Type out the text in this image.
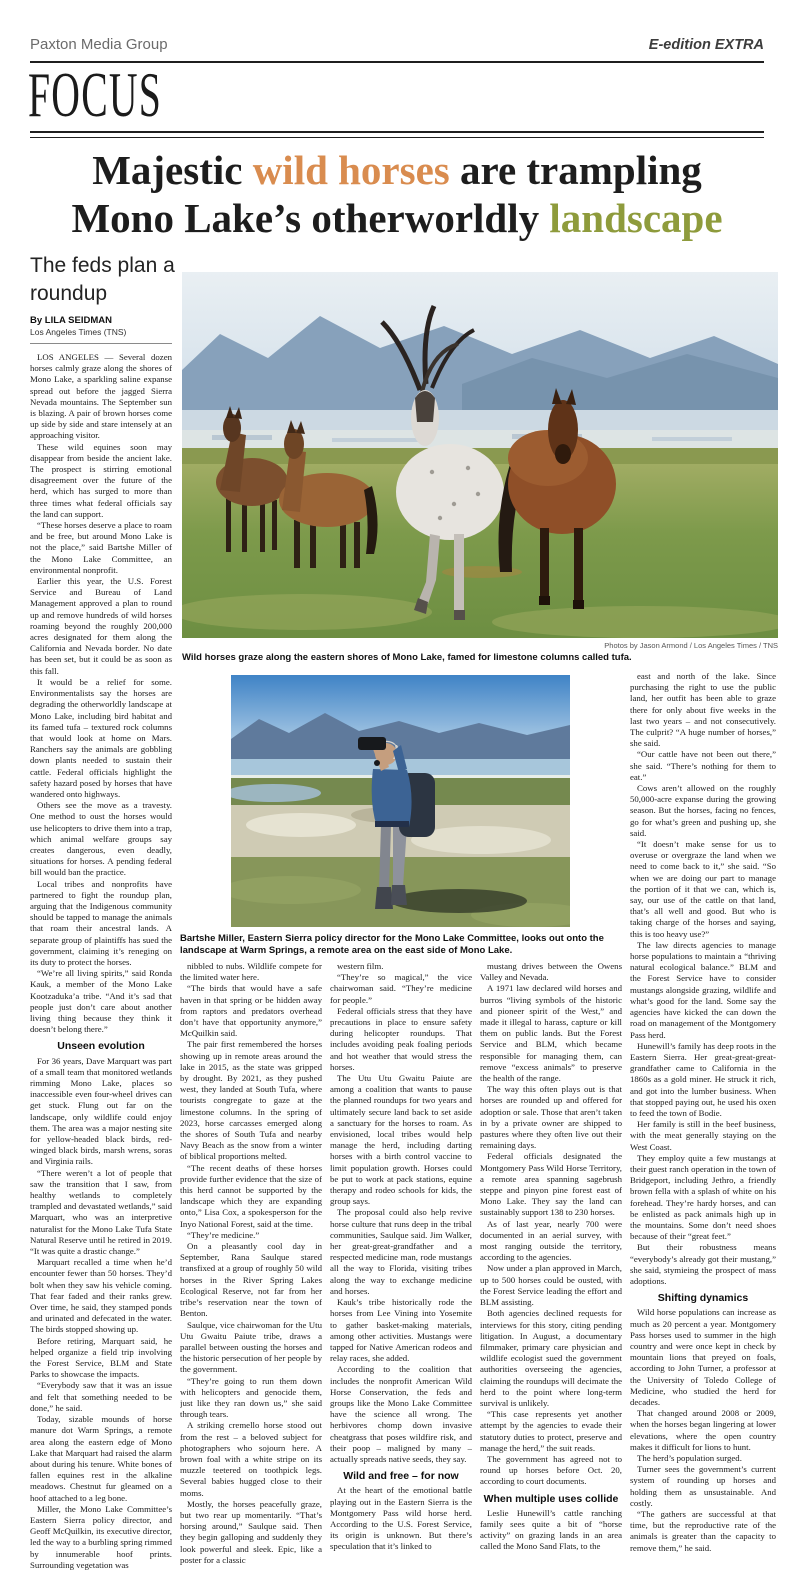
Paxton Media Group	E-edition EXTRA
FOCUS
Majestic wild horses are trampling
Mono Lake’s otherworldly landscape
The feds plan a roundup
By LILA SEIDMAN
Los Angeles Times (TNS)
Photos by Jason Armond / Los Angeles Times / TNS
Wild horses graze along the eastern shores of Mono Lake, famed for limestone columns called tufa.
Bartshe Miller, Eastern Sierra policy director for the Mono Lake Committee, looks out onto the landscape at Warm Springs, a remote area on the east side of Mono Lake.

LOS ANGELES — Several dozen horses calmly graze along the shores of Mono Lake, a sparkling saline expanse spread out before the jagged Sierra Nevada mountains. The September sun is blazing. A pair of brown horses come up side by side and stare intensely at an approaching visitor.

These wild equines soon may disappear from beside the ancient lake. The prospect is stirring emotional disagreement over the future of the herd, which has surged to more than three times what federal officials say the land can support.

“These horses deserve a place to roam and be free, but around Mono Lake is not the place,” said Bartshe Miller of the Mono Lake Committee, an environmental nonprofit.

Earlier this year, the U.S. Forest Service and Bureau of Land Management approved a plan to round up and remove hundreds of wild horses roaming beyond the roughly 200,000 acres designated for them along the California and Nevada border. No date has been set, but it could be as soon as this fall.

It would be a relief for some. Environmentalists say the horses are degrading the otherworldly landscape at Mono Lake, including bird habitat and its famed tufa – textured rock columns that would look at home on Mars. Ranchers say the animals are gobbling down plants needed to sustain their cattle. Federal officials highlight the safety hazard posed by horses that have wandered onto highways.

Others see the move as a travesty. One method to oust the horses would use helicopters to drive them into a trap, which animal welfare groups say creates dangerous, even deadly, situations for horses. A pending federal bill would ban the practice.

Local tribes and nonprofits have partnered to fight the roundup plan, arguing that the Indigenous community should be tapped to manage the animals that roam their ancestral lands. A separate group of plaintiffs has sued the government, claiming it’s reneging on its duty to protect the horses.

“We’re all living spirits,” said Ronda Kauk, a member of the Mono Lake Kootzaduka’a tribe. “And it’s sad that people just don’t care about another living thing because they think it doesn’t belong there.”

Unseen evolution

For 36 years, Dave Marquart was part of a small team that monitored wetlands rimming Mono Lake, places so inaccessible even four-wheel drives can get stuck. Flung out far on the landscape, only wildlife could enjoy them. The area was a major nesting site for yellow-headed black birds, red-winged black birds, marsh wrens, soras and Virginia rails.

“There weren’t a lot of people that saw the transition that I saw, from healthy wetlands to completely trampled and devastated wetlands,” said Marquart, who was an interpretive naturalist for the Mono Lake Tufa State Natural Reserve until he retired in 2019. “It was quite a drastic change.”

Marquart recalled a time when he’d encounter fewer than 50 horses. They’d bolt when they saw his vehicle coming. That fear faded and their ranks grew. Over time, he said, they stamped ponds and urinated and defecated in the water. The birds stopped showing up.

Before retiring, Marquart said, he helped organize a field trip involving the Forest Service, BLM and State Parks to showcase the impacts.

“Everybody saw that it was an issue and felt that something needed to be done,” he said.

Today, sizable mounds of horse manure dot Warm Springs, a remote area along the eastern edge of Mono Lake that Marquart had raised the alarm about during his tenure. White bones of fallen equines rest in the alkaline meadows. Chestnut fur gleamed on a hoof attached to a leg bone.

Miller, the Mono Lake Committee’s Eastern Sierra policy director, and Geoff McQuilkin, its executive director, led the way to a burbling spring rimmed by innumerable hoof prints. Surrounding vegetation was

nibbled to nubs. Wildlife compete for the limited water here.

“The birds that would have a safe haven in that spring or be hidden away from raptors and predators overhead don’t have that opportunity anymore,” McQuilkin said.

The pair first remembered the horses showing up in remote areas around the lake in 2015, as the state was gripped by drought. By 2021, as they pushed west, they landed at South Tufa, where tourists congregate to gaze at the limestone columns. In the spring of 2023, horse carcasses emerged along the shores of South Tufa and nearby Navy Beach as the snow from a winter of biblical proportions melted.

“The recent deaths of these horses provide further evidence that the size of this herd cannot be supported by the landscape which they are expanding onto,” Lisa Cox, a spokesperson for the Inyo National Forest, said at the time.

“They’re medicine.”

On a pleasantly cool day in September, Rana Saulque stared transfixed at a group of roughly 50 wild horses in the River Spring Lakes Ecological Reserve, not far from her tribe’s reservation near the town of Benton.

Saulque, vice chairwoman for the Utu Utu Gwaitu Paiute tribe, draws a parallel between ousting the horses and the historic persecution of her people by the government.

“They’re going to run them down with helicopters and genocide them, just like they ran down us,” she said through tears.

A striking cremello horse stood out from the rest – a beloved subject for photographers who sojourn here. A brown foal with a white stripe on its muzzle teetered on toothpick legs. Several babies hugged close to their moms.

Mostly, the horses peacefully graze, but two rear up momentarily. “That’s horsing around,” Saulque said. Then they begin galloping and suddenly they look powerful and sleek. Epic, like a poster for a classic

western film.

“They’re so magical,” the vice chairwoman said. “They’re medicine for people.”

Federal officials stress that they have precautions in place to ensure safety during helicopter roundups. That includes avoiding peak foaling periods and hot weather that would stress the horses.

The Utu Utu Gwaitu Paiute are among a coalition that wants to pause the planned roundups for two years and ultimately secure land back to set aside a sanctuary for the horses to roam. As envisioned, local tribes would help manage the herd, including darting horses with a birth control vaccine to limit population growth. Horses could be put to work at pack stations, equine therapy and rodeo schools for kids, the group says.

The proposal could also help revive horse culture that runs deep in the tribal communities, Saulque said. Jim Walker, her great-great-grandfather and a respected medicine man, rode mustangs all the way to Florida, visiting tribes along the way to exchange medicine and horses.

Kauk’s tribe historically rode the horses from Lee Vining into Yosemite to gather basket-making materials, among other activities. Mustangs were tapped for Native American rodeos and relay races, she added.

According to the coalition that includes the nonprofit American Wild Horse Conservation, the feds and groups like the Mono Lake Committee have the science all wrong. The herbivores chomp down invasive cheatgrass that poses wildfire risk, and their poop – maligned by many – actually spreads native seeds, they say.

Wild and free – for now

At the heart of the emotional battle playing out in the Eastern Sierra is the Montgomery Pass wild horse herd. According to the U.S. Forest Service, its origin is unknown. But there’s speculation that it’s linked to

mustang drives between the Owens Valley and Nevada.

A 1971 law declared wild horses and burros “living symbols of the historic and pioneer spirit of the West,” and made it illegal to harass, capture or kill them on public lands. But the Forest Service and BLM, which became responsible for managing them, can remove “excess animals” to preserve the health of the range.

The way this often plays out is that horses are rounded up and offered for adoption or sale. Those that aren’t taken in by a private owner are shipped to pastures where they often live out their remaining days.

Federal officials designated the Montgomery Pass Wild Horse Territory, a remote area spanning sagebrush steppe and pinyon pine forest east of Mono Lake. They say the land can sustainably support 138 to 230 horses.

As of last year, nearly 700 were documented in an aerial survey, with most ranging outside the territory, according to the agencies.

Now under a plan approved in March, up to 500 horses could be ousted, with the Forest Service leading the effort and BLM assisting.

Both agencies declined requests for interviews for this story, citing pending litigation. In August, a documentary filmmaker, primary care physician and wildlife ecologist sued the government authorities overseeing the agencies, claiming the roundups will decimate the herd to the point where long-term survival is unlikely.

“This case represents yet another attempt by the agencies to evade their statutory duties to protect, preserve and manage the herd,” the suit reads.

The government has agreed not to round up horses before Oct. 20, according to court documents.

When multiple uses collide

Leslie Hunewill’s cattle ranching family sees quite a bit of “horse activity” on grazing lands in an area called the Mono Sand Flats, to the

east and north of the lake. Since purchasing the right to use the public land, her outfit has been able to graze there for only about five weeks in the last two years – and not consecutively. The culprit? “A huge number of horses,” she said.

“Our cattle have not been out there,” she said. “There’s nothing for them to eat.”

Cows aren’t allowed on the roughly 50,000-acre expanse during the growing season. But the horses, facing no fences, go for what’s green and pushing up, she said.

“It doesn’t make sense for us to overuse or overgraze the land when we need to come back to it,” she said. “So when we are doing our part to manage the portion of it that we can, which is, say, our use of the cattle on that land, that’s all well and good. But who is taking charge of the horses and saying, this is too heavy use?”

The law directs agencies to manage horse populations to maintain a “thriving natural ecological balance.” BLM and the Forest Service have to consider mustangs alongside grazing, wildlife and what’s good for the land. Some say the agencies have kicked the can down the road on management of the Montgomery Pass herd.

Hunewill’s family has deep roots in the Eastern Sierra. Her great-great-great-grandfather came to California in the 1860s as a gold miner. He struck it rich, and got into the lumber business. When that stopped paying out, he used his oxen to feed the town of Bodie.

Her family is still in the beef business, with the meat generally staying on the West Coast.

They employ quite a few mustangs at their guest ranch operation in the town of Bridgeport, including Jethro, a friendly brown fella with a splash of white on his forehead. They’re hardy horses, and can be enlisted as pack animals high up in the mountains. Some don’t need shoes because of their “great feet.”

But their robustness means “everybody’s already got their mustang,” she said, stymieing the prospect of mass adoptions.

Shifting dynamics

Wild horse populations can increase as much as 20 percent a year. Montgomery Pass horses used to summer in the high country and were once kept in check by mountain lions that preyed on foals, according to John Turner, a professor at the University of Toledo College of Medicine, who studied the herd for decades.

That changed around 2008 or 2009, when the horses began lingering at lower elevations, where the open country makes it difficult for lions to hunt.

The herd’s population surged.

Turner sees the government’s current system of rounding up horses and holding them as unsustainable. And costly.

“The gathers are successful at that time, but the reproductive rate of the animals is greater than the capacity to remove them,” he said.
